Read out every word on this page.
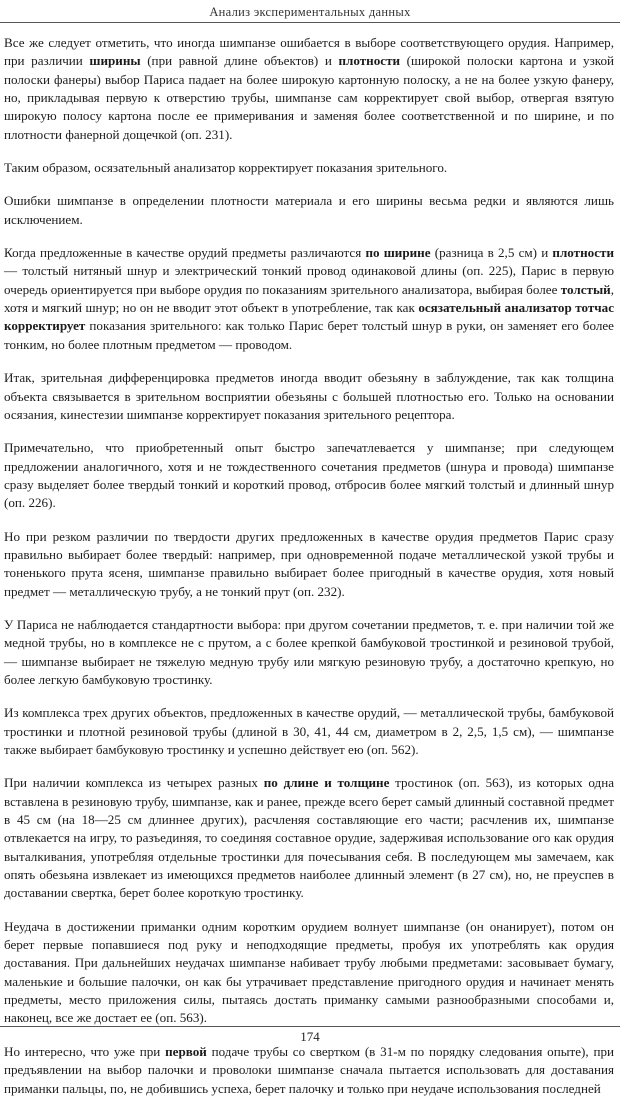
Анализ экспериментальных данных

Все же следует отметить, что иногда шимпанзе ошибается в выборе соответствующего орудия. Например, при различии ширины (при равной длине объектов) и плотности (широкой полоски картона и узкой полоски фанеры) выбор Париса падает на более широкую картонную полоску, а не на более узкую фанеру, но, прикладывая первую к отверстию трубы, шимпанзе сам корректирует свой выбор, отвергая взятую широкую полосу картона после ее примеривания и заменяя более соответственной и по ширине, и по плотности фанерной дощечкой (оп. 231).

Таким образом, осязательный анализатор корректирует показания зрительного.

Ошибки шимпанзе в определении плотности материала и его ширины весьма редки и являются лишь исключением.

Когда предложенные в качестве орудий предметы различаются по ширине (разница в 2,5 см) и плотности — толстый нитяный шнур и электрический тонкий провод одинаковой длины (оп. 225), Парис в первую очередь ориентируется при выборе орудия по показаниям зрительного анализатора, выбирая более толстый, хотя и мягкий шнур; но он не вводит этот объект в употребление, так как осязательный анализатор тотчас корректирует показания зрительного: как только Парис берет толстый шнур в руки, он заменяет его более тонким, но более плотным предметом — проводом.

Итак, зрительная дифференцировка предметов иногда вводит обезьяну в заблуждение, так как толщина объекта связывается в зрительном восприятии обезьяны с большей плотностью его. Только на основании осязания, кинестезии шимпанзе корректирует показания зрительного рецептора.

Примечательно, что приобретенный опыт быстро запечатлевается у шимпанзе; при следующем предложении аналогичного, хотя и не тождественного сочетания предметов (шнура и провода) шимпанзе сразу выделяет более твердый тонкий и короткий провод, отбросив более мягкий толстый и длинный шнур (оп. 226).

Но при резком различии по твердости других предложенных в качестве орудия предметов Парис сразу правильно выбирает более твердый: например, при одновременной подаче металлической узкой трубы и тоненького прута ясеня, шимпанзе правильно выбирает более пригодный в качестве орудия, хотя новый предмет — металлическую трубу, а не тонкий прут (оп. 232).

У Париса не наблюдается стандартности выбора: при другом сочетании предметов, т. е. при наличии той же медной трубы, но в комплексе не с прутом, а с более крепкой бамбуковой тростинкой и резиновой трубой, — шимпанзе выбирает не тяжелую медную трубу или мягкую резиновую трубу, а достаточно крепкую, но более легкую бамбуковую тростинку.

Из комплекса трех других объектов, предложенных в качестве орудий, — металлической трубы, бамбуковой тростинки и плотной резиновой трубы (длиной в 30, 41, 44 см, диаметром в 2, 2,5, 1,5 см), — шимпанзе также выбирает бамбуковую тростинку и успешно действует ею (оп. 562).

При наличии комплекса из четырех разных по длине и толщине тростинок (оп. 563), из которых одна вставлена в резиновую трубу, шимпанзе, как и ранее, прежде всего берет самый длинный составной предмет в 45 см (на 18—25 см длиннее других), расчленяя составляющие его части; расчленив их, шимпанзе отвлекается на игру, то разъединяя, то соединяя составное орудие, задерживая использование ого как орудия выталкивания, употребляя отдельные тростинки для почесывания себя. В последующем мы замечаем, как опять обезьяна извлекает из имеющихся предметов наиболее длинный элемент (в 27 см), но, не преуспев в доставании свертка, берет более короткую тростинку.

Неудача в достижении приманки одним коротким орудием волнует шимпанзе (он онанирует), потом он берет первые попавшиеся под руку и неподходящие предметы, пробуя их употреблять как орудия доставания. При дальнейших неудачах шимпанзе набивает трубу любыми предметами: засовывает бумагу, маленькие и большие палочки, он как бы утрачивает представление пригодного орудия и начинает менять предметы, место приложения силы, пытаясь достать приманку самыми разнообразными способами и, наконец, все же достает ее (оп. 563).

Но интересно, что уже при первой подаче трубы со свертком (в 31-м по порядку следования опыте), при предъявлении на выбор палочки и проволоки шимпанзе сначала пытается использовать для доставания приманки пальцы, по, не добившись успеха, берет палочку и только при неудаче использования последней

174
